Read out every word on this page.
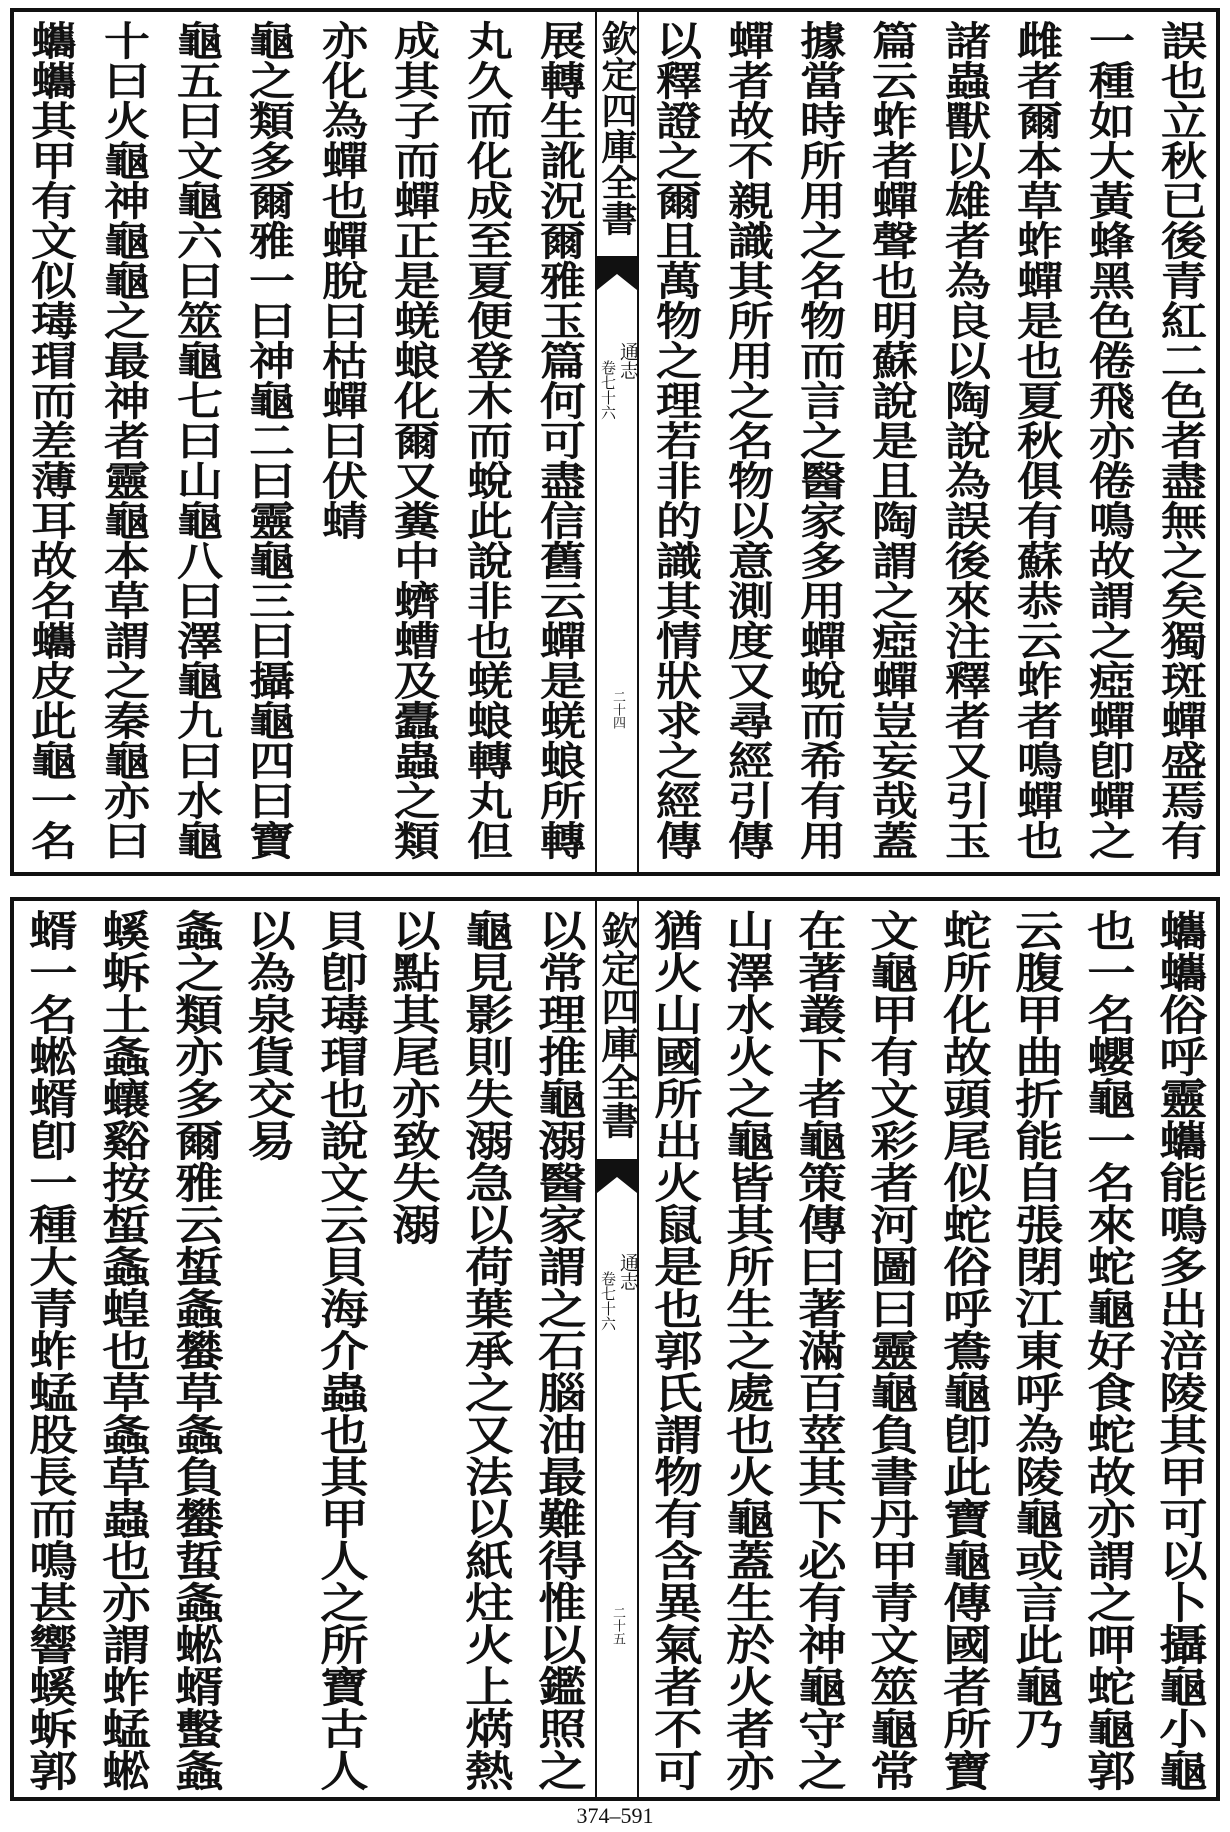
誤也立秋已後青紅二色者盡無之矣獨斑蟬盛焉有
一種如大黃蜂黑色倦飛亦倦鳴故謂之瘂蟬卽蟬之
雌者爾本草蚱蟬是也夏秋俱有蘇恭云蚱者鳴蟬也
諸蟲獸以雄者為良以陶說為誤後來注釋者又引玉
篇云蚱者蟬聲也明蘇說是且陶謂之瘂蟬豈妄哉蓋
據當時所用之名物而言之醫家多用蟬蛻而希有用
蟬者故不親識其所用之名物以意測度又尋經引傳
以釋證之爾且萬物之理若非的識其情狀求之經傳
欽定四庫全書
通志
卷七十六
二十四
展轉生訛況爾雅玉篇何可盡信舊云蟬是蜣蜋所轉
丸久而化成至夏便登木而蛻此說非也蜣蜋轉丸但
成其子而蟬正是蜣蜋化爾又糞中蠐螬及蠹蟲之類
亦化為蟬也蟬脫曰枯蟬曰伏蜻
龜之類多爾雅一曰神龜二曰靈龜三曰攝龜四曰寶
龜五曰文龜六曰筮龜七曰山龜八曰澤龜九曰水龜
十曰火龜神龜龜之最神者靈龜本草謂之秦龜亦曰
蠵蠵其甲有文似瑇瑁而差薄耳故名蠵皮此龜一名
蠵蠵俗呼靈蠵能鳴多出涪陵其甲可以卜攝龜小龜
也一名蠳龜一名來蛇龜好食蛇故亦謂之呷蛇龜郭
云腹甲曲折能自張閉江東呼為陵龜或言此龜乃
蛇所化故頭尾似蛇俗呼鴦龜卽此寶龜傳國者所寶
文龜甲有文彩者河圖曰靈龜負書丹甲青文筮龜常
在著叢下者龜策傳曰著滿百莖其下必有神龜守之
山澤水火之龜皆其所生之處也火龜蓋生於火者亦
猶火山國所出火鼠是也郭氏謂物有含異氣者不可
欽定四庫全書
通志
卷七十六
二十五
以常理推龜溺醫家謂之石腦油最難得惟以鑑照之
龜見影則失溺急以荷葉承之又法以紙炷火上焫熱
以點其尾亦致失溺
貝卽瑇瑁也說文云貝海介蟲也其甲人之所寶古人
以為泉貨交易
螽之類亦多爾雅云蜤螽蠜草螽負蠜蜇螽蜙蝑蟿螽
螇蚸土螽蠰谿按蜤螽蝗也草螽草蟲也亦謂蚱蜢蜙
蝑一名蜙蝑卽一種大青蚱蜢股長而鳴甚響螇蚸郭
374–591
